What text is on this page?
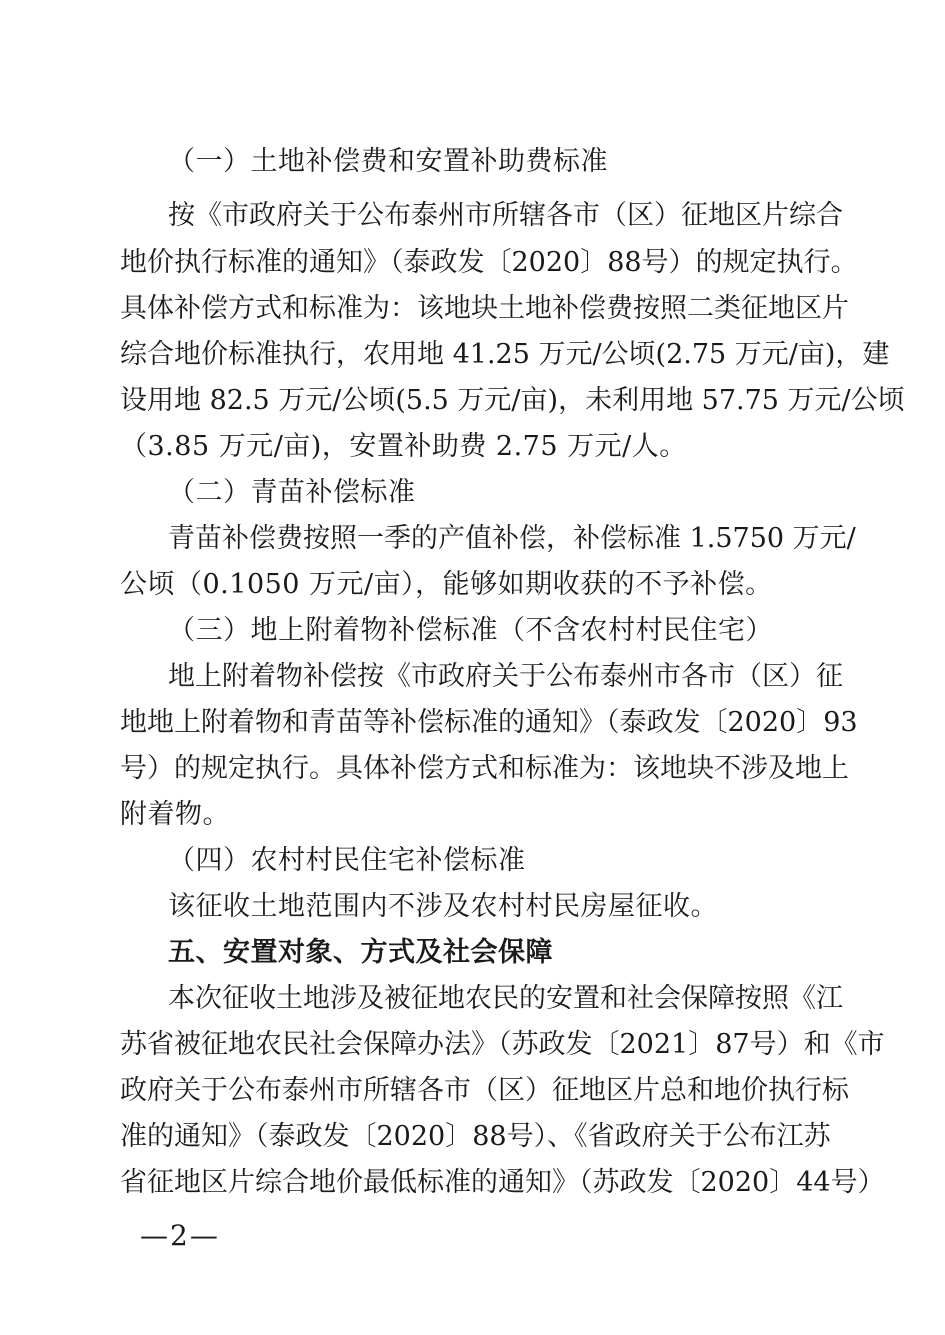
（一）土地补偿费和安置补助费标准
按《市政府关于公布泰州市所辖各市（区）征地区片综合
地价执行标准的通知》（泰政发〔2020〕88号）的规定执行。
具体补偿方式和标准为：该地块土地补偿费按照二类征地区片
综合地价标准执行，农用地 41.25 万元/公顷(2.75 万元/亩)，建
设用地 82.5 万元/公顷(5.5 万元/亩)，未利用地 57.75 万元/公顷
（3.85 万元/亩)，安置补助费 2.75 万元/人。
（二）青苗补偿标准
青苗补偿费按照一季的产值补偿，补偿标准 1.5750 万元/
公顷（0.1050 万元/亩），能够如期收获的不予补偿。
（三）地上附着物补偿标准（不含农村村民住宅）
地上附着物补偿按《市政府关于公布泰州市各市（区）征
地地上附着物和青苗等补偿标准的通知》（泰政发〔2020〕93
号）的规定执行。具体补偿方式和标准为：该地块不涉及地上
附着物。
（四）农村村民住宅补偿标准
该征收土地范围内不涉及农村村民房屋征收。
五、安置对象、方式及社会保障
本次征收土地涉及被征地农民的安置和社会保障按照《江
苏省被征地农民社会保障办法》（苏政发〔2021〕87号）和《市
政府关于公布泰州市所辖各市（区）征地区片总和地价执行标
准的通知》（泰政发〔2020〕88号）、《省政府关于公布江苏
省征地区片综合地价最低标准的通知》（苏政发〔2020〕44号）
—2—
